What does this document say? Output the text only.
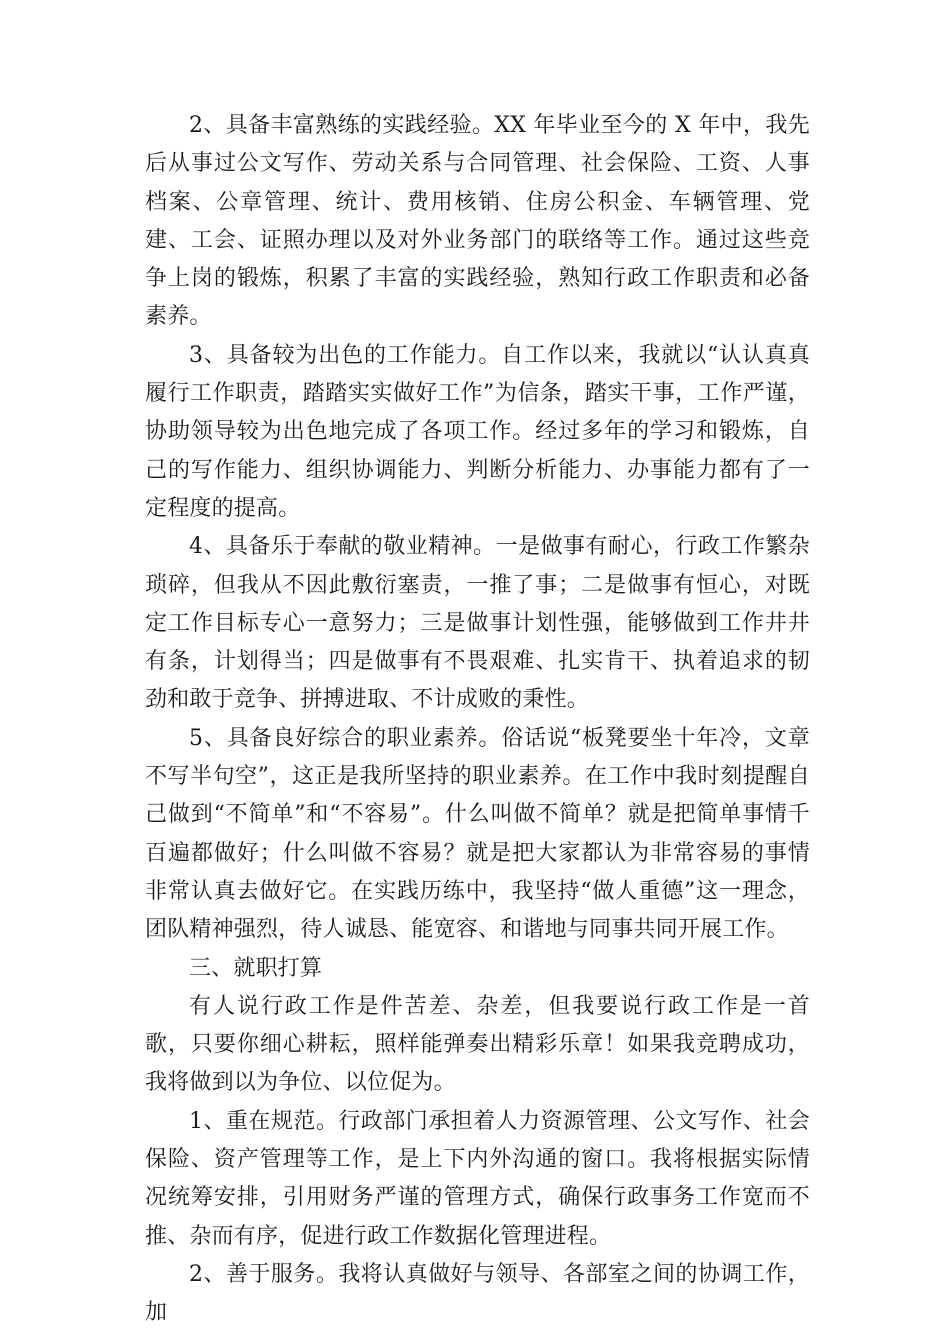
2、具备丰富熟练的实践经验。XX 年毕业至今的 X 年中，我先后从事过公文写作、劳动关系与合同管理、社会保险、工资、人事档案、公章管理、统计、费用核销、住房公积金、车辆管理、党建、工会、证照办理以及对外业务部门的联络等工作。通过这些竞争上岗的锻炼，积累了丰富的实践经验，熟知行政工作职责和必备素养。

3、具备较为出色的工作能力。自工作以来，我就以“认认真真履行工作职责，踏踏实实做好工作”为信条，踏实干事，工作严谨，协助领导较为出色地完成了各项工作。经过多年的学习和锻炼，自己的写作能力、组织协调能力、判断分析能力、办事能力都有了一定程度的提高。

4、具备乐于奉献的敬业精神。一是做事有耐心，行政工作繁杂琐碎，但我从不因此敷衍塞责，一推了事；二是做事有恒心，对既定工作目标专心一意努力；三是做事计划性强，能够做到工作井井有条，计划得当；四是做事有不畏艰难、扎实肯干、执着追求的韧劲和敢于竞争、拼搏进取、不计成败的秉性。

5、具备良好综合的职业素养。俗话说“板凳要坐十年冷，文章不写半句空”，这正是我所坚持的职业素养。在工作中我时刻提醒自己做到“不简单”和“不容易”。什么叫做不简单？就是把简单事情千百遍都做好；什么叫做不容易？就是把大家都认为非常容易的事情非常认真去做好它。在实践历练中，我坚持“做人重德”这一理念，团队精神强烈，待人诚恳、能宽容、和谐地与同事共同开展工作。

三、就职打算

有人说行政工作是件苦差、杂差，但我要说行政工作是一首歌，只要你细心耕耘，照样能弹奏出精彩乐章！如果我竞聘成功，我将做到以为争位、以位促为。

1、重在规范。行政部门承担着人力资源管理、公文写作、社会保险、资产管理等工作，是上下内外沟通的窗口。我将根据实际情况统筹安排，引用财务严谨的管理方式，确保行政事务工作宽而不推、杂而有序，促进行政工作数据化管理进程。

2、善于服务。我将认真做好与领导、各部室之间的协调工作，加
